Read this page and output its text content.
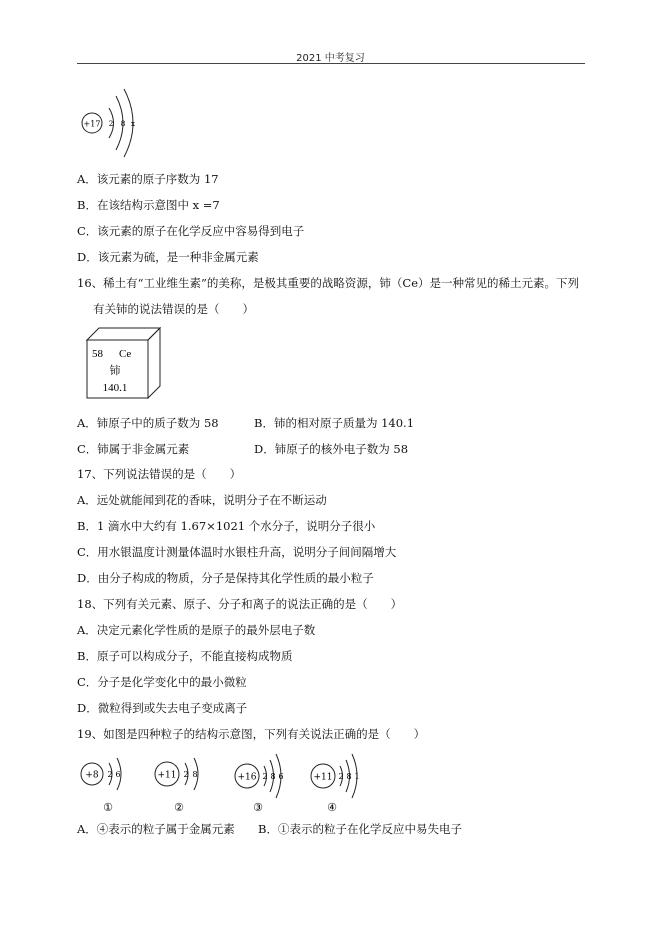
2021 中考复习
+17 2 8 x
A．该元素的原子序数为 17
B．在该结构示意图中 x =7
C．该元素的原子在化学反应中容易得到电子
D．该元素为硫，是一种非金属元素
16、稀土有“工业维生素”的美称，是极其重要的战略资源，铈（Ce）是一种常见的稀土元素。下列
有关铈的说法错误的是（　　）
58 Ce
铈
140.1
A．铈原子中的质子数为 58	B．铈的相对原子质量为 140.1
C．铈属于非金属元素	D．铈原子的核外电子数为 58
17、下列说法错误的是（　　）
A．远处就能闻到花的香味，说明分子在不断运动
B．1 滴水中大约有 1.67×1021 个水分子，说明分子很小
C．用水银温度计测量体温时水银柱升高，说明分子间间隔增大
D．由分子构成的物质，分子是保持其化学性质的最小粒子
18、下列有关元素、原子、分子和离子的说法正确的是（　　）
A．决定元素化学性质的是原子的最外层电子数
B．原子可以构成分子，不能直接构成物质
C．分子是化学变化中的最小微粒
D．微粒得到或失去电子变成离子
19、如图是四种粒子的结构示意图，下列有关说法正确的是（　　）
+8 2 6
①
+11 2 8
②
+16 2 8 6
③
+11 2 8 1
④
A．④表示的粒子属于金属元素 B．①表示的粒子在化学反应中易失电子
